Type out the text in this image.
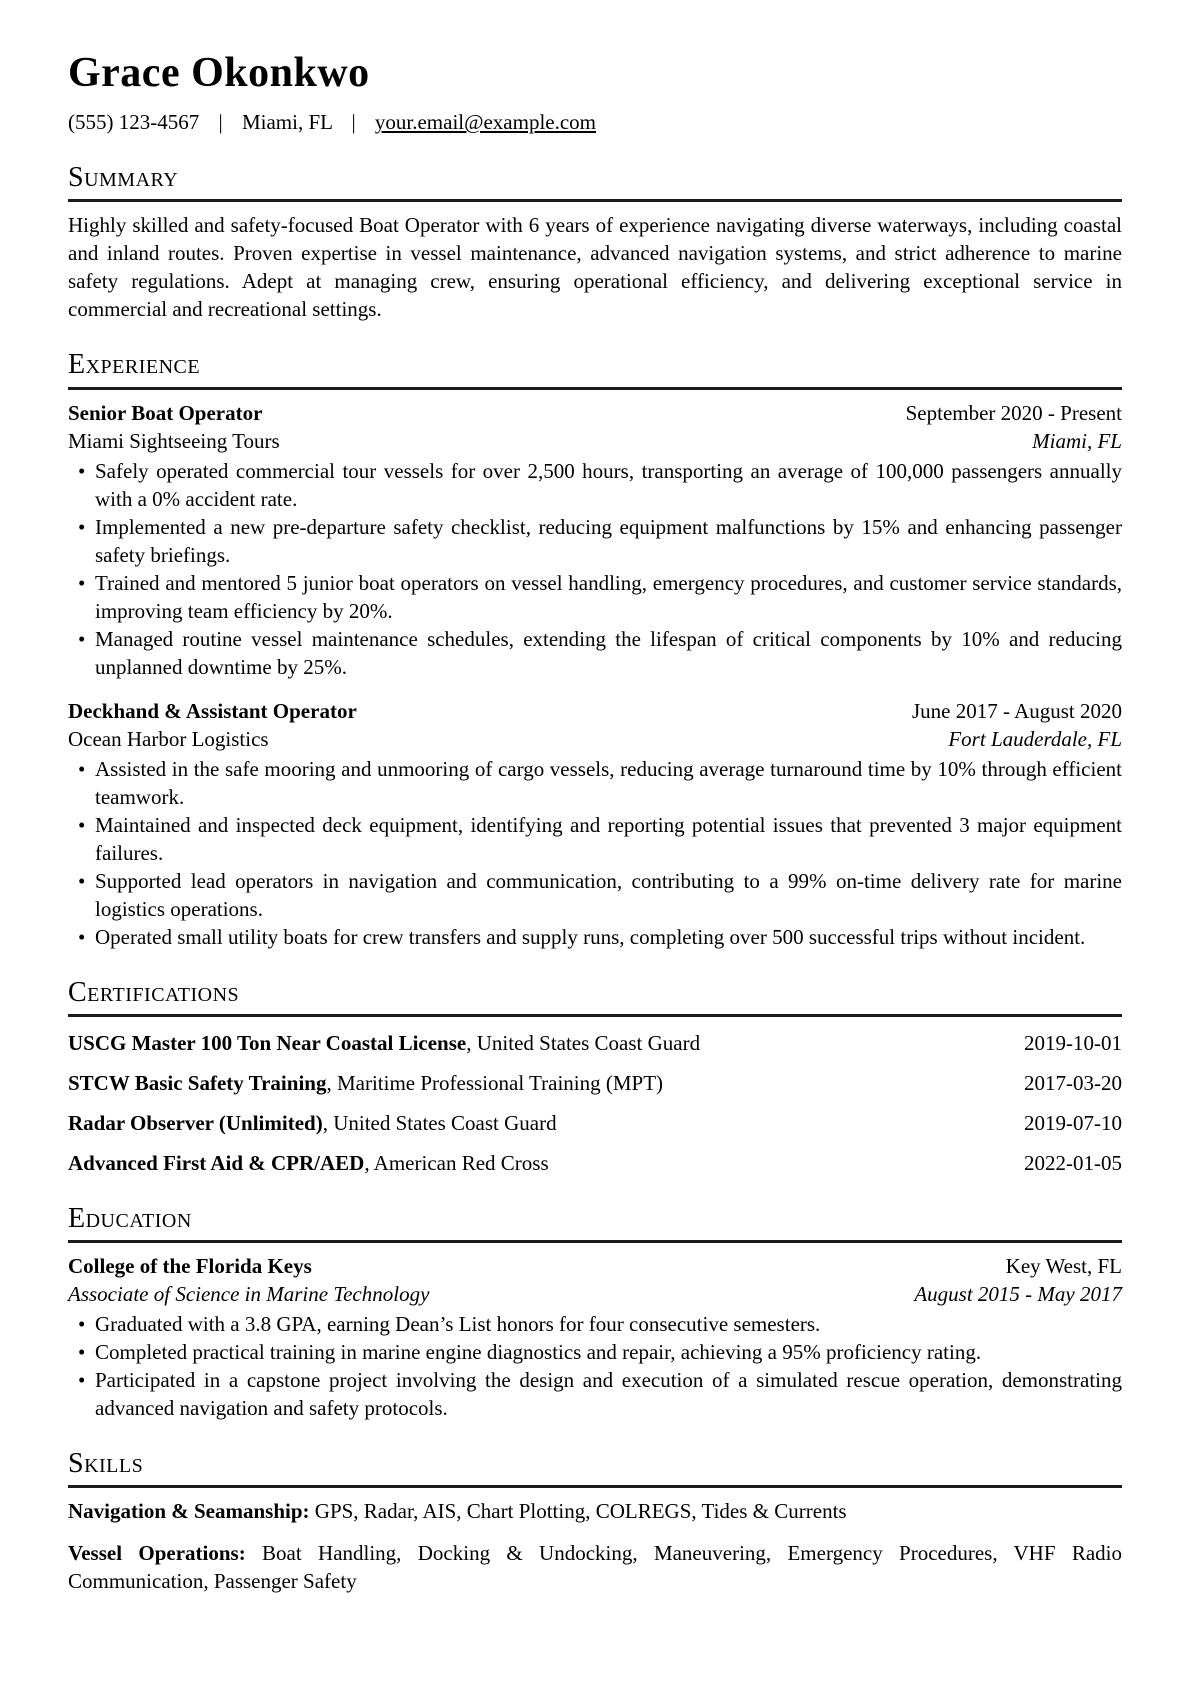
Grace Okonkwo
(555) 123-4567 | Miami, FL | your.email@example.com
Summary

Highly skilled and safety-focused Boat Operator with 6 years of experience navigating diverse waterways, including coastal and inland routes. Proven expertise in vessel maintenance, advanced navigation systems, and strict adherence to marine safety regulations. Adept at managing crew, ensuring operational efficiency, and delivering exceptional service in commercial and recreational settings.

Experience
Senior Boat Operator	September 2020 - Present
Miami Sightseeing Tours	Miami, FL
• Safely operated commercial tour vessels for over 2,500 hours, transporting an average of 100,000 passengers annually with a 0% accident rate.
• Implemented a new pre-departure safety checklist, reducing equipment malfunctions by 15% and enhancing passenger safety briefings.
• Trained and mentored 5 junior boat operators on vessel handling, emergency procedures, and customer service standards, improving team efficiency by 20%.
• Managed routine vessel maintenance schedules, extending the lifespan of critical components by 10% and reducing unplanned downtime by 25%.
Deckhand & Assistant Operator	June 2017 - August 2020
Ocean Harbor Logistics	Fort Lauderdale, FL
• Assisted in the safe mooring and unmooring of cargo vessels, reducing average turnaround time by 10% through efficient teamwork.
• Maintained and inspected deck equipment, identifying and reporting potential issues that prevented 3 major equipment failures.
• Supported lead operators in navigation and communication, contributing to a 99% on-time delivery rate for marine logistics operations.
• Operated small utility boats for crew transfers and supply runs, completing over 500 successful trips without incident.
Certifications
USCG Master 100 Ton Near Coastal License, United States Coast Guard	2019-10-01
STCW Basic Safety Training, Maritime Professional Training (MPT)	2017-03-20
Radar Observer (Unlimited), United States Coast Guard	2019-07-10
Advanced First Aid & CPR/AED, American Red Cross	2022-01-05
Education
College of the Florida Keys	Key West, FL
Associate of Science in Marine Technology	August 2015 - May 2017
• Graduated with a 3.8 GPA, earning Dean’s List honors for four consecutive semesters.
• Completed practical training in marine engine diagnostics and repair, achieving a 95% proficiency rating.
• Participated in a capstone project involving the design and execution of a simulated rescue operation, demonstrating advanced navigation and safety protocols.
Skills

Navigation & Seamanship: GPS, Radar, AIS, Chart Plotting, COLREGS, Tides & Currents

Vessel Operations: Boat Handling, Docking & Undocking, Maneuvering, Emergency Procedures, VHF Radio Communication, Passenger Safety
